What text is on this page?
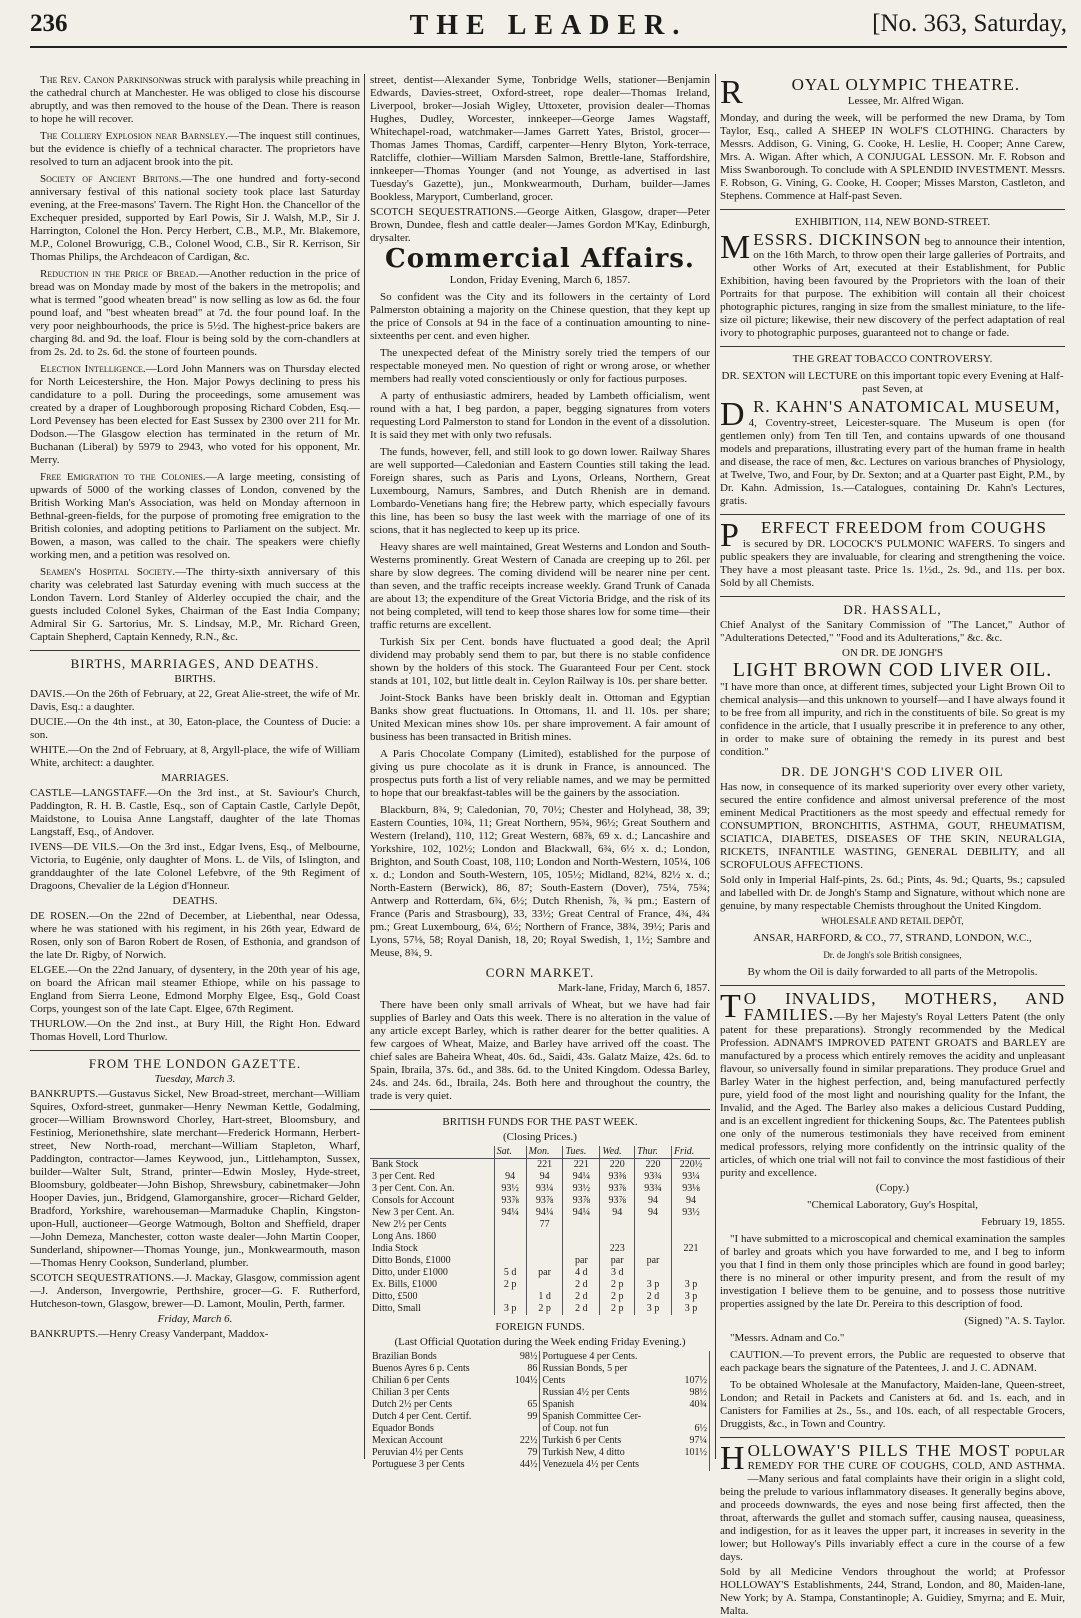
236	THE LEADER.	[No. 363, Saturday,

The Rev. Canon Parkinsonwas struck with paralysis while preaching in the cathedral church at Manchester. He was obliged to close his discourse abruptly, and was then removed to the house of the Dean. There is reason to hope he will recover.

The Colliery Explosion near Barnsley.—The inquest still continues, but the evidence is chiefly of a technical character. The proprietors have resolved to turn an adjacent brook into the pit.

Society of Ancient Britons.—The one hundred and forty-second anniversary festival of this national society took place last Saturday evening, at the Free-masons' Tavern. The Right Hon. the Chancellor of the Exchequer presided, supported by Earl Powis, Sir J. Walsh, M.P., Sir J. Harrington, Colonel the Hon. Percy Herbert, C.B., M.P., Mr. Blakemore, M.P., Colonel Browurigg, C.B., Colonel Wood, C.B., Sir R. Kerrison, Sir Thomas Philips, the Archdeacon of Cardigan, &c.

Reduction in the Price of Bread.—Another reduction in the price of bread was on Monday made by most of the bakers in the metropolis; and what is termed "good wheaten bread" is now selling as low as 6d. the four pound loaf, and "best wheaten bread" at 7d. the four pound loaf. In the very poor neighbourhoods, the price is 5½d. The highest-price bakers are charging 8d. and 9d. the loaf. Flour is being sold by the corn-chandlers at from 2s. 2d. to 2s. 6d. the stone of fourteen pounds.

Election Intelligence.—Lord John Manners was on Thursday elected for North Leicestershire, the Hon. Major Powys declining to press his candidature to a poll. During the proceedings, some amusement was created by a draper of Loughborough proposing Richard Cobden, Esq.—Lord Pevensey has been elected for East Sussex by 2300 over 211 for Mr. Dodson.—The Glasgow election has terminated in the return of Mr. Buchanan (Liberal) by 5979 to 2943, who voted for his opponent, Mr. Merry.

Free Emigration to the Colonies.—A large meeting, consisting of upwards of 5000 of the working classes of London, convened by the British Working Man's Association, was held on Monday afternoon in Bethnal-green-fields, for the purpose of promoting free emigration to the British colonies, and adopting petitions to Parliament on the subject. Mr. Bowen, a mason, was called to the chair. The speakers were chiefly working men, and a petition was resolved on.

Seamen's Hospital Society.—The thirty-sixth anniversary of this charity was celebrated last Saturday evening with much success at the London Tavern. Lord Stanley of Alderley occupied the chair, and the guests included Colonel Sykes, Chairman of the East India Company; Admiral Sir G. Sartorius, Mr. S. Lindsay, M.P., Mr. Richard Green, Captain Shepherd, Captain Kennedy, R.N., &c.

BIRTHS, MARRIAGES, AND DEATHS.
BIRTHS.

DAVIS.—On the 26th of February, at 22, Great Alie-street, the wife of Mr. Davis, Esq.: a daughter.

DUCIE.—On the 4th inst., at 30, Eaton-place, the Countess of Ducie: a son.

WHITE.—On the 2nd of February, at 8, Argyll-place, the wife of William White, architect: a daughter.

MARRIAGES.

CASTLE—LANGSTAFF.—On the 3rd inst., at St. Saviour's Church, Paddington, R. H. B. Castle, Esq., son of Captain Castle, Carlyle Depôt, Maidstone, to Louisa Anne Langstaff, daughter of the late Thomas Langstaff, Esq., of Andover.

IVENS—DE VILS.—On the 3rd inst., Edgar Ivens, Esq., of Melbourne, Victoria, to Eugénie, only daughter of Mons. L. de Vils, of Islington, and granddaughter of the late Colonel Lefebvre, of the 9th Regiment of Dragoons, Chevalier de la Légion d'Honneur.

DEATHS.

DE ROSEN.—On the 22nd of December, at Liebenthal, near Odessa, where he was stationed with his regiment, in his 26th year, Edward de Rosen, only son of Baron Robert de Rosen, of Esthonia, and grandson of the late Dr. Rigby, of Norwich.

ELGEE.—On the 22nd January, of dysentery, in the 20th year of his age, on board the African mail steamer Ethiope, while on his passage to England from Sierra Leone, Edmond Morphy Elgee, Esq., Gold Coast Corps, youngest son of the late Capt. Elgee, 67th Regiment.

THURLOW.—On the 2nd inst., at Bury Hill, the Right Hon. Edward Thomas Hovell, Lord Thurlow.

FROM THE LONDON GAZETTE.
Tuesday, March 3.

BANKRUPTS.—Gustavus Sickel, New Broad-street, merchant—William Squires, Oxford-street, gunmaker—Henry Newman Kettle, Godalming, grocer—William Brownsword Chorley, Hart-street, Bloomsbury, and Festiniog, Merionethshire, slate merchant—Frederick Hormann, Herbert-street, New North-road, merchant—William Stapleton, Wharf, Paddington, contractor—James Keywood, jun., Littlehampton, Sussex, builder—Walter Sult, Strand, printer—Edwin Mosley, Hyde-street, Bloomsbury, goldbeater—John Bishop, Shrewsbury, cabinetmaker—John Hooper Davies, jun., Bridgend, Glamorganshire, grocer—Richard Gelder, Bradford, Yorkshire, warehouseman—Marmaduke Chaplin, Kingston-upon-Hull, auctioneer—George Watmough, Bolton and Sheffield, draper—John Demeza, Manchester, cotton waste dealer—John Martin Cooper, Sunderland, shipowner—Thomas Younge, jun., Monkwearmouth, mason—Thomas Henry Cookson, Sunderland, plumber.

SCOTCH SEQUESTRATIONS.—J. Mackay, Glasgow, commission agent—J. Anderson, Invergowrie, Perthshire, grocer—G. F. Rutherford, Hutcheson-town, Glasgow, brewer—D. Lamont, Moulin, Perth, farmer.

Friday, March 6.

BANKRUPTS.—Henry Creasy Vanderpant, Maddox-

street, dentist—Alexander Syme, Tonbridge Wells, stationer—Benjamin Edwards, Davies-street, Oxford-street, rope dealer—Thomas Ireland, Liverpool, broker—Josiah Wigley, Uttoxeter, provision dealer—Thomas Hughes, Dudley, Worcester, innkeeper—George James Wagstaff, Whitechapel-road, watchmaker—James Garrett Yates, Bristol, grocer—Thomas James Thomas, Cardiff, carpenter—Henry Blyton, York-terrace, Ratcliffe, clothier—William Marsden Salmon, Brettle-lane, Staffordshire, innkeeper—Thomas Younger (and not Younge, as advertised in last Tuesday's Gazette), jun., Monkwearmouth, Durham, builder—James Bookless, Maryport, Cumberland, grocer.

SCOTCH SEQUESTRATIONS.—George Aitken, Glasgow, draper—Peter Brown, Dundee, flesh and cattle dealer—James Gordon M'Kay, Edinburgh, drysalter.

Commercial Affairs.

London, Friday Evening, March 6, 1857.

So confident was the City and its followers in the certainty of Lord Palmerston obtaining a majority on the Chinese question, that they kept up the price of Consols at 94 in the face of a continuation amounting to nine-sixteenths per cent. and even higher.

The unexpected defeat of the Ministry sorely tried the tempers of our respectable moneyed men. No question of right or wrong arose, or whether members had really voted conscientiously or only for factious purposes.

A party of enthusiastic admirers, headed by Lambeth officialism, went round with a hat, I beg pardon, a paper, begging signatures from voters requesting Lord Palmerston to stand for London in the event of a dissolution. It is said they met with only two refusals.

The funds, however, fell, and still look to go down lower. Railway Shares are well supported—Caledonian and Eastern Counties still taking the lead. Foreign shares, such as Paris and Lyons, Orleans, Northern, Great Luxembourg, Namurs, Sambres, and Dutch Rhenish are in demand. Lombardo-Venetians hang fire; the Hebrew party, which especially favours this line, has been so busy the last week with the marriage of one of its scions, that it has neglected to keep up its price.

Heavy shares are well maintained, Great Westerns and London and South-Westerns prominently. Great Western of Canada are creeping up to 26l. per share by slow degrees. The coming dividend will be nearer nine per cent. than seven, and the traffic receipts increase weekly. Grand Trunk of Canada are about 13; the expenditure of the Great Victoria Bridge, and the risk of its not being completed, will tend to keep those shares low for some time—their traffic returns are excellent.

Turkish Six per Cent. bonds have fluctuated a good deal; the April dividend may probably send them to par, but there is no stable confidence shown by the holders of this stock. The Guaranteed Four per Cent. stock stands at 101, 102, but little dealt in. Ceylon Railway is 10s. per share better.

Joint-Stock Banks have been briskly dealt in. Ottoman and Egyptian Banks show great fluctuations. In Ottomans, 1l. and 1l. 10s. per share; United Mexican mines show 10s. per share improvement. A fair amount of business has been transacted in British mines.

A Paris Chocolate Company (Limited), established for the purpose of giving us pure chocolate as it is drunk in France, is announced. The prospectus puts forth a list of very reliable names, and we may be permitted to hope that our breakfast-tables will be the gainers by the association.

Blackburn, 8¾, 9; Caledonian, 70, 70½; Chester and Holyhead, 38, 39; Eastern Counties, 10¾, 11; Great Northern, 95¾, 96½; Great Southern and Western (Ireland), 110, 112; Great Western, 68⅞, 69 x. d.; Lancashire and Yorkshire, 102, 102½; London and Blackwall, 6¾, 6½ x. d.; London, Brighton, and South Coast, 108, 110; London and North-Western, 105¼, 106 x. d.; London and South-Western, 105, 105½; Midland, 82¼, 82½ x. d.; North-Eastern (Berwick), 86, 87; South-Eastern (Dover), 75¼, 75¾; Antwerp and Rotterdam, 6¾, 6½; Dutch Rhenish, ⅞, ¾ pm.; Eastern of France (Paris and Strasbourg), 33, 33½; Great Central of France, 4¾, 4¾ pm.; Great Luxembourg, 6¼, 6½; Northern of France, 38¾, 39½; Paris and Lyons, 57⅛, 58; Royal Danish, 18, 20; Royal Swedish, 1, 1½; Sambre and Meuse, 8¾, 9.

CORN MARKET.

Mark-lane, Friday, March 6, 1857.

There have been only small arrivals of Wheat, but we have had fair supplies of Barley and Oats this week. There is no alteration in the value of any article except Barley, which is rather dearer for the better qualities. A few cargoes of Wheat, Maize, and Barley have arrived off the coast. The chief sales are Baheira Wheat, 40s. 6d., Saidi, 43s. Galatz Maize, 42s. 6d. to Spain, Ibraila, 37s. 6d., and 38s. 6d. to the United Kingdom. Odessa Barley, 24s. and 24s. 6d., Ibraila, 24s. Both here and throughout the country, the trade is very quiet.

BRITISH FUNDS FOR THE PAST WEEK.
(Closing Prices.)
	Sat.	Mon.	Tues.	Wed.	Thur.	Frid.
Bank Stock		221	221	220	220	220½
3 per Cent. Red	94	94	94¼	93⅜	93¾	93¼
3 per Cent. Con. An.	93½	93¼	93½	93⅞	93¾	93⅛
Consols for Account	93⅞	93⅞	93⅞	93⅞	94	94
New 3 per Cent. An.	94¼	94¼	94¼	94	94	93½
New 2½ per Cents		77				
Long Ans. 1860						
India Stock				223		221
Ditto Bonds, £1000			par	par	par	
Ditto, under £1000	5 d	par	4 d	3 d		
Ex. Bills, £1000	2 p		2 d	2 p	3 p	3 p
Ditto, £500		1 d	2 d	2 p	2 d	3 p
Ditto, Small	3 p	2 p	2 d	2 p	3 p	3 p
FOREIGN FUNDS.
(Last Official Quotation during the Week ending Friday Evening.)
Brazilian Bonds	98½	Portuguese 4 per Cents.	
Buenos Ayres 6 p. Cents	86	Russian Bonds, 5 per	
Chilian 6 per Cents	104½	Cents	107½
Chilian 3 per Cents		Russian 4½ per Cents	98½
Dutch 2½ per Cents	65	Spanish	40¾
Dutch 4 per Cent. Certif.	99	Spanish Committee Cer-	
Equador Bonds		of Coup. not fun	6½
Mexican Account	22½	Turkish 6 per Cents	97¼
Peruvian 4½ per Cents	79	Turkish New, 4 ditto	101½
Portuguese 3 per Cents	44½	Venezuela 4½ per Cents	
R	OYAL OLYMPIC THEATRE.

Lessee, Mr. Alfred Wigan.

Monday, and during the week, will be performed the new Drama, by Tom Taylor, Esq., called A SHEEP IN WOLF'S CLOTHING. Characters by Messrs. Addison, G. Vining, G. Cooke, H. Leslie, H. Cooper; Anne Carew, Mrs. A. Wigan. After which, A CONJUGAL LESSON. Mr. F. Robson and Miss Swanborough. To conclude with A SPLENDID INVESTMENT. Messrs. F. Robson, G. Vining, G. Cooke, H. Cooper; Misses Marston, Castleton, and Stephens. Commence at Half-past Seven.

EXHIBITION, 114, NEW BOND-STREET.

MESSRS. DICKINSON beg to announce their intention, on the 16th March, to throw open their large galleries of Portraits, and other Works of Art, executed at their Establishment, for Public Exhibition, having been favoured by the Proprietors with the loan of their Portraits for that purpose. The exhibition will contain all their choicest photographic pictures, ranging in size from the smallest miniature, to the life-size oil picture; likewise, their new discovery of the perfect adaptation of real ivory to photographic purposes, guaranteed not to change or fade.

THE GREAT TOBACCO CONTROVERSY.

DR. SEXTON will LECTURE on this important topic every Evening at Half-past Seven, at

D R. KAHN'S ANATOMICAL MUSEUM,

4, Coventry-street, Leicester-square. The Museum is open (for gentlemen only) from Ten till Ten, and contains upwards of one thousand models and preparations, illustrating every part of the human frame in health and disease, the race of men, &c. Lectures on various branches of Physiology, at Twelve, Two, and Four, by Dr. Sexton; and at a Quarter past Eight, P.M., by Dr. Kahn. Admission, 1s.—Catalogues, containing Dr. Kahn's Lectures, gratis.

P ERFECT FREEDOM from COUGHS

is secured by DR. LOCOCK'S PULMONIC WAFERS. To singers and public speakers they are invaluable, for clearing and strengthening the voice. They have a most pleasant taste. Price 1s. 1½d., 2s. 9d., and 11s. per box. Sold by all Chemists.

DR. HASSALL,

Chief Analyst of the Sanitary Commission of "The Lancet," Author of "Adulterations Detected," "Food and its Adulterations," &c. &c.

ON DR. DE JONGH'S

LIGHT BROWN COD LIVER OIL.

"I have more than once, at different times, subjected your Light Brown Oil to chemical analysis—and this unknown to yourself—and I have always found it to be free from all impurity, and rich in the constituents of bile. So great is my confidence in the article, that I usually prescribe it in preference to any other, in order to make sure of obtaining the remedy in its purest and best condition."

DR. DE JONGH'S COD LIVER OIL

Has now, in consequence of its marked superiority over every other variety, secured the entire confidence and almost universal preference of the most eminent Medical Practitioners as the most speedy and effectual remedy for CONSUMPTION, BRONCHITIS, ASTHMA, GOUT, RHEUMATISM, SCIATICA, DIABETES, DISEASES OF THE SKIN, NEURALGIA, RICKETS, INFANTILE WASTING, GENERAL DEBILITY, and all SCROFULOUS AFFECTIONS.

Sold only in Imperial Half-pints, 2s. 6d.; Pints, 4s. 9d.; Quarts, 9s.; capsuled and labelled with Dr. de Jongh's Stamp and Signature, without which none are genuine, by many respectable Chemists throughout the United Kingdom.

WHOLESALE AND RETAIL DEPÔT,

ANSAR, HARFORD, & CO., 77, STRAND, LONDON, W.C.,

Dr. de Jongh's sole British consignees,

By whom the Oil is daily forwarded to all parts of the Metropolis.

T O INVALIDS, MOTHERS, AND FAMILIES.—By her Majesty's Royal Letters Patent (the only patent for these preparations). Strongly recommended by the Medical Profession. ADNAM'S IMPROVED PATENT GROATS and BARLEY are manufactured by a process which entirely removes the acidity and unpleasant flavour, so universally found in similar preparations. They produce Gruel and Barley Water in the highest perfection, and, being manufactured perfectly pure, yield food of the most light and nourishing quality for the Infant, the Invalid, and the Aged. The Barley also makes a delicious Custard Pudding, and is an excellent ingredient for thickening Soups, &c. The Patentees publish one only of the numerous testimonials they have received from eminent medical professors, relying more confidently on the intrinsic quality of the articles, of which one trial will not fail to convince the most fastidious of their purity and excellence.

(Copy.)

"Chemical Laboratory, Guy's Hospital,

February 19, 1855.

"I have submitted to a microscopical and chemical examination the samples of barley and groats which you have forwarded to me, and I beg to inform you that I find in them only those principles which are found in good barley; there is no mineral or other impurity present, and from the result of my investigation I believe them to be genuine, and to possess those nutritive properties assigned by the late Dr. Pereira to this description of food.

(Signed) "A. S. Taylor.

"Messrs. Adnam and Co."

CAUTION.—To prevent errors, the Public are requested to observe that each package bears the signature of the Patentees, J. and J. C. ADNAM.

To be obtained Wholesale at the Manufactory, Maiden-lane, Queen-street, London; and Retail in Packets and Canisters at 6d. and 1s. each, and in Canisters for Families at 2s., 5s., and 10s. each, of all respectable Grocers, Druggists, &c., in Town and Country.

HOLLOWAY'S PILLS THE MOST POPULAR REMEDY FOR THE CURE OF COUGHS, COLD, AND ASTHMA.—Many serious and fatal complaints have their origin in a slight cold, being the prelude to various inflammatory diseases. It generally begins above, and proceeds downwards, the eyes and nose being first affected, then the throat, afterwards the gullet and stomach suffer, causing nausea, queasiness, and indigestion, for as it leaves the upper part, it increases in severity in the lower; but Holloway's Pills invariably effect a cure in the course of a few days.

Sold by all Medicine Vendors throughout the world; at Professor HOLLOWAY'S Establishments, 244, Strand, London, and 80, Maiden-lane, New York; by A. Stampa, Constantinople; A. Guidiey, Smyrna; and E. Muir, Malta.
